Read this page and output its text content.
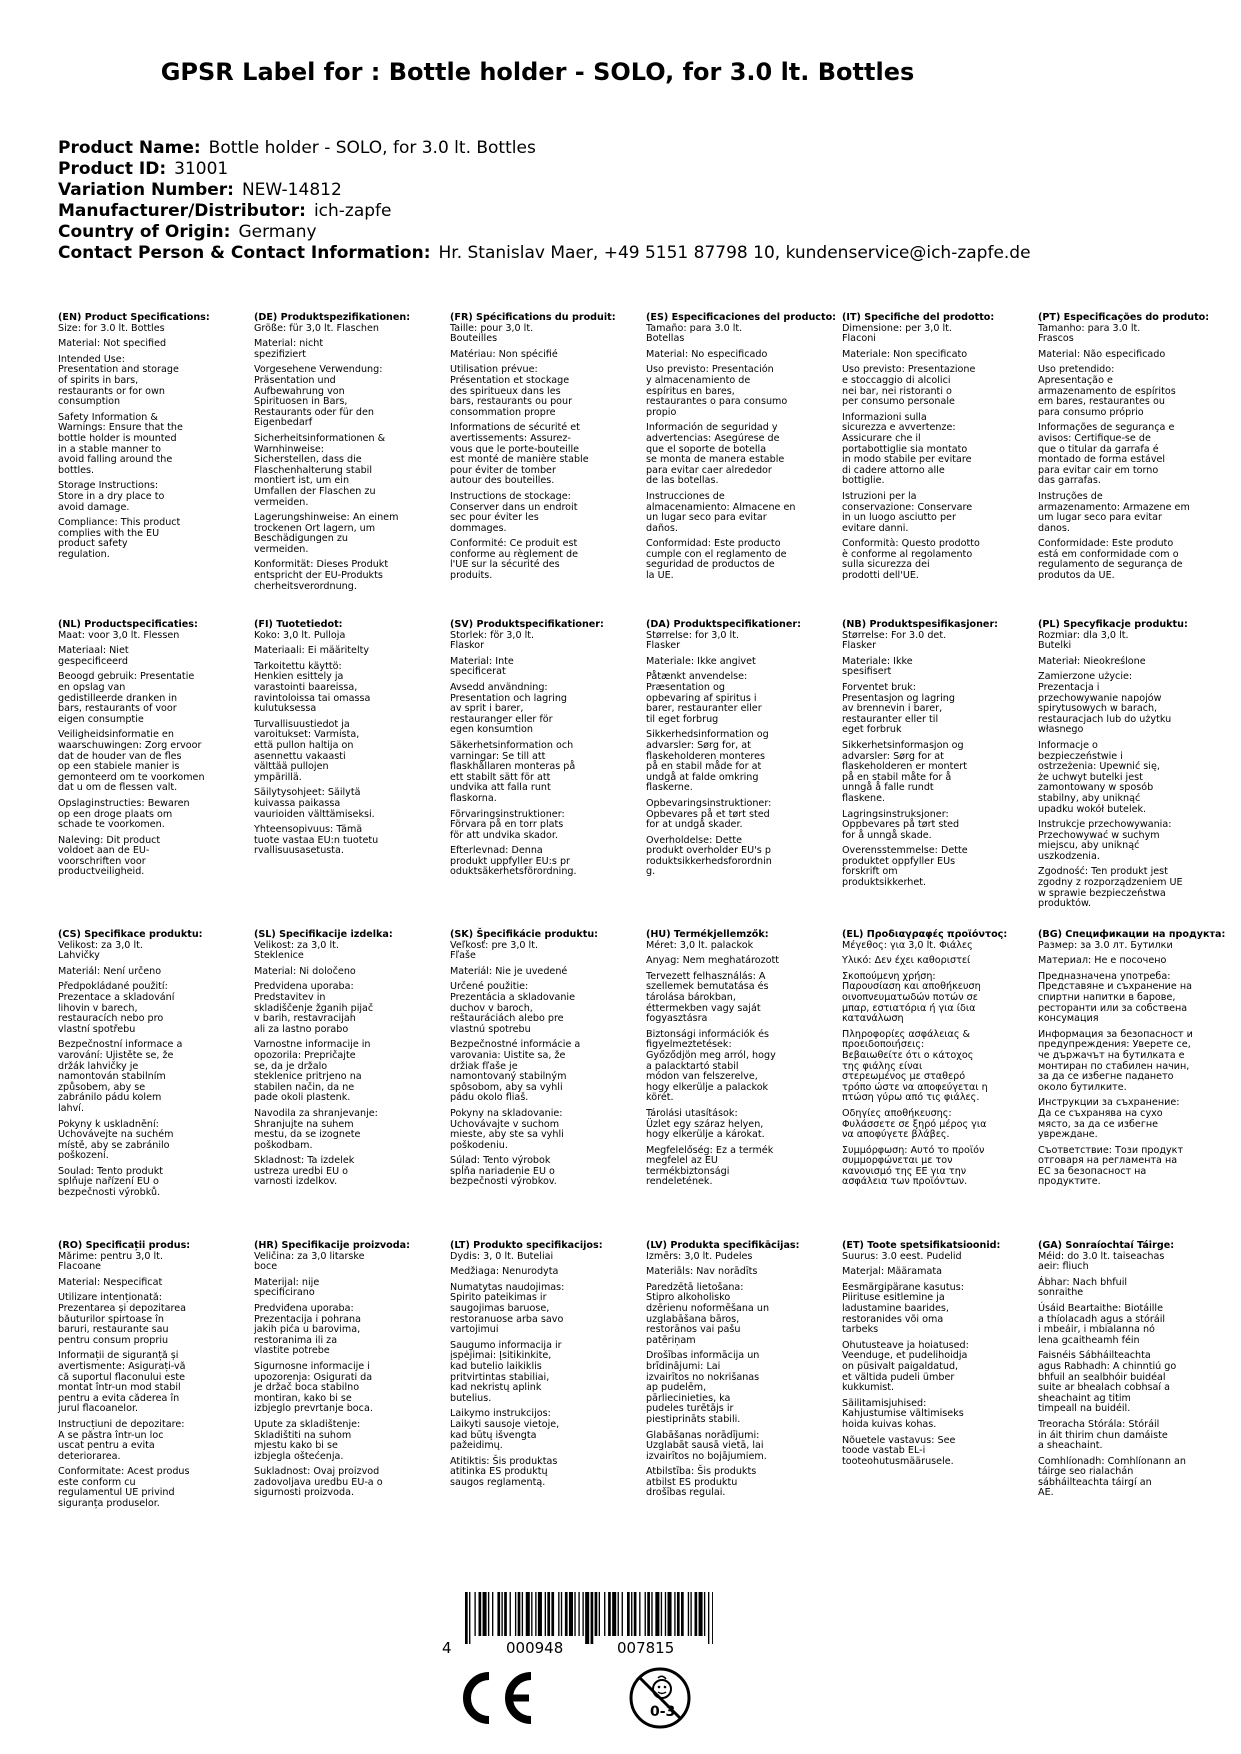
GPSR Label for : Bottle holder - SOLO, for 3.0 lt. Bottles
Product Name: Bottle holder - SOLO, for 3.0 lt. Bottles
Product ID: 31001
Variation Number: NEW-14812
Manufacturer/Distributor: ich-zapfe
Country of Origin: Germany
Contact Person & Contact Information: Hr. Stanislav Maer, +49 5151 87798 10, kundenservice@ich-zapfe.de
(EN) Product Specifications:
Size: for 3.0 lt. Bottles
Material: Not specified
Intended Use:
Presentation and storage
of spirits in bars,
restaurants or for own
consumption
Safety Information &
Warnings: Ensure that the
bottle holder is mounted
in a stable manner to
avoid falling around the
bottles.
Storage Instructions:
Store in a dry place to
avoid damage.
Compliance: This product
complies with the EU
product safety
regulation.
(DE) Produktspezifikationen:
Größe: für 3,0 lt. Flaschen
Material: nicht
spezifiziert
Vorgesehene Verwendung:
Präsentation und
Aufbewahrung von
Spirituosen in Bars,
Restaurants oder für den
Eigenbedarf
Sicherheitsinformationen &
Warnhinweise:
Sicherstellen, dass die
Flaschenhalterung stabil
montiert ist, um ein
Umfallen der Flaschen zu
vermeiden.
Lagerungshinweise: An einem
trockenen Ort lagern, um
Beschädigungen zu
vermeiden.
Konformität: Dieses Produkt
entspricht der EU-Produkts
cherheitsverordnung.
(FR) Spécifications du produit:
Taille: pour 3,0 lt.
Bouteilles
Matériau: Non spécifié
Utilisation prévue:
Présentation et stockage
des spiritueux dans les
bars, restaurants ou pour
consommation propre
Informations de sécurité et
avertissements: Assurez-
vous que le porte-bouteille
est monté de manière stable
pour éviter de tomber
autour des bouteilles.
Instructions de stockage:
Conserver dans un endroit
sec pour éviter les
dommages.
Conformité: Ce produit est
conforme au règlement de
l'UE sur la sécurité des
produits.
(ES) Especificaciones del producto:
Tamaño: para 3.0 lt.
Botellas
Material: No especificado
Uso previsto: Presentación
y almacenamiento de
espíritus en bares,
restaurantes o para consumo
propio
Información de seguridad y
advertencias: Asegúrese de
que el soporte de botella
se monta de manera estable
para evitar caer alrededor
de las botellas.
Instrucciones de
almacenamiento: Almacene en
un lugar seco para evitar
daños.
Conformidad: Este producto
cumple con el reglamento de
seguridad de productos de
la UE.
(IT) Specifiche del prodotto:
Dimensione: per 3,0 lt.
Flaconi
Materiale: Non specificato
Uso previsto: Presentazione
e stoccaggio di alcolici
nei bar, nei ristoranti o
per consumo personale
Informazioni sulla
sicurezza e avvertenze:
Assicurare che il
portabottiglie sia montato
in modo stabile per evitare
di cadere attorno alle
bottiglie.
Istruzioni per la
conservazione: Conservare
in un luogo asciutto per
evitare danni.
Conformità: Questo prodotto
è conforme al regolamento
sulla sicurezza dei
prodotti dell'UE.
(PT) Especificações do produto:
Tamanho: para 3.0 lt.
Frascos
Material: Não especificado
Uso pretendido:
Apresentação e
armazenamento de espíritos
em bares, restaurantes ou
para consumo próprio
Informações de segurança e
avisos: Certifique-se de
que o titular da garrafa é
montado de forma estável
para evitar cair em torno
das garrafas.
Instruções de
armazenamento: Armazene em
um lugar seco para evitar
danos.
Conformidade: Este produto
está em conformidade com o
regulamento de segurança de
produtos da UE.
(NL) Productspecificaties:
Maat: voor 3,0 lt. Flessen
Materiaal: Niet
gespecificeerd
Beoogd gebruik: Presentatie
en opslag van
gedistilleerde dranken in
bars, restaurants of voor
eigen consumptie
Veiligheidsinformatie en
waarschuwingen: Zorg ervoor
dat de houder van de fles
op een stabiele manier is
gemonteerd om te voorkomen
dat u om de flessen valt.
Opslaginstructies: Bewaren
op een droge plaats om
schade te voorkomen.
Naleving: Dit product
voldoet aan de EU-
voorschriften voor
productveiligheid.
(FI) Tuotetiedot:
Koko: 3,0 lt. Pulloja
Materiaali: Ei määritelty
Tarkoitettu käyttö:
Henkien esittely ja
varastointi baareissa,
ravintoloissa tai omassa
kulutuksessa
Turvallisuustiedot ja
varoitukset: Varmista,
että pullon haltija on
asennettu vakaasti
välttää pullojen
ympärillä.
Säilytysohjeet: Säilytä
kuivassa paikassa
vaurioiden välttämiseksi.
Yhteensopivuus: Tämä
tuote vastaa EU:n tuotetu
rvallisuusasetusta.
(SV) Produktspecifikationer:
Storlek: för 3,0 lt.
Flaskor
Material: Inte
specificerat
Avsedd användning:
Presentation och lagring
av sprit i barer,
restauranger eller för
egen konsumtion
Säkerhetsinformation och
varningar: Se till att
flaskhållaren monteras på
ett stabilt sätt för att
undvika att falla runt
flaskorna.
Förvaringsinstruktioner:
Förvara på en torr plats
för att undvika skador.
Efterlevnad: Denna
produkt uppfyller EU:s pr
oduktsäkerhetsförordning.
(DA) Produktspecifikationer:
Størrelse: for 3,0 lt.
Flasker
Materiale: Ikke angivet
Påtænkt anvendelse:
Præsentation og
opbevaring af spiritus i
barer, restauranter eller
til eget forbrug
Sikkerhedsinformation og
advarsler: Sørg for, at
flaskeholderen monteres
på en stabil måde for at
undgå at falde omkring
flaskerne.
Opbevaringsinstruktioner:
Opbevares på et tørt sted
for at undgå skader.
Overholdelse: Dette
produkt overholder EU's p
roduktsikkerhedsforordnin
g.
(NB) Produktspesifikasjoner:
Størrelse: For 3.0 det.
Flasker
Materiale: Ikke
spesifisert
Forventet bruk:
Presentasjon og lagring
av brennevin i barer,
restauranter eller til
eget forbruk
Sikkerhetsinformasjon og
advarsler: Sørg for at
flaskeholderen er montert
på en stabil måte for å
unngå å falle rundt
flaskene.
Lagringsinstruksjoner:
Oppbevares på tørt sted
for å unngå skade.
Overensstemmelse: Dette
produktet oppfyller EUs
forskrift om
produktsikkerhet.
(PL) Specyfikacje produktu:
Rozmiar: dla 3,0 lt.
Butelki
Materiał: Nieokreślone
Zamierzone użycie:
Prezentacja i
przechowywanie napojów
spirytusowych w barach,
restauracjach lub do użytku
własnego
Informacje o
bezpieczeństwie i
ostrzeżenia: Upewnić się,
że uchwyt butelki jest
zamontowany w sposób
stabilny, aby uniknąć
upadku wokół butelek.
Instrukcje przechowywania:
Przechowywać w suchym
miejscu, aby uniknąć
uszkodzenia.
Zgodność: Ten produkt jest
zgodny z rozporządzeniem UE
w sprawie bezpieczeństwa
produktów.
(CS) Specifikace produktu:
Velikost: za 3,0 lt.
Lahvičky
Materiál: Není určeno
Předpokládané použití:
Prezentace a skladování
lihovin v barech,
restauracích nebo pro
vlastní spotřebu
Bezpečnostní informace a
varování: Ujistěte se, že
držák lahvičky je
namontován stabilním
způsobem, aby se
zabránilo pádu kolem
lahví.
Pokyny k uskladnění:
Uchovávejte na suchém
místě, aby se zabránilo
poškození.
Soulad: Tento produkt
splňuje nařízení EU o
bezpečnosti výrobků.
(SL) Specifikacije izdelka:
Velikost: za 3,0 lt.
Steklenice
Material: Ni določeno
Predvidena uporaba:
Predstavitev in
skladiščenje žganih pijač
v barih, restavracijah
ali za lastno porabo
Varnostne informacije in
opozorila: Prepričajte
se, da je držalo
steklenice pritrjeno na
stabilen način, da ne
pade okoli plastenk.
Navodila za shranjevanje:
Shranjujte na suhem
mestu, da se izognete
poškodbam.
Skladnost: Ta izdelek
ustreza uredbi EU o
varnosti izdelkov.
(SK) Špecifikácie produktu:
Veľkosť: pre 3,0 lt.
Fľaše
Materiál: Nie je uvedené
Určené použitie:
Prezentácia a skladovanie
duchov v baroch,
reštauráciách alebo pre
vlastnú spotrebu
Bezpečnostné informácie a
varovania: Uistite sa, že
držiak fľaše je
namontovaný stabilným
spôsobom, aby sa vyhli
pádu okolo fliaš.
Pokyny na skladovanie:
Uchovávajte v suchom
mieste, aby ste sa vyhli
poškodeniu.
Súlad: Tento výrobok
spĺňa nariadenie EU o
bezpečnosti výrobkov.
(HU) Termékjellemzők:
Méret: 3,0 lt. palackok
Anyag: Nem meghatározott
Tervezett felhasználás: A
szellemek bemutatása és
tárolása bárokban,
éttermekben vagy saját
fogyasztásra
Biztonsági információk és
figyelmeztetések:
Győződjön meg arról, hogy
a palacktartó stabil
módon van felszerelve,
hogy elkerülje a palackok
körét.
Tárolási utasítások:
Üzlet egy száraz helyen,
hogy elkerülje a károkat.
Megfelelőség: Ez a termék
megfelel az EU
termékbiztonsági
rendeletének.
(EL) Προδιαγραφές προϊόντος:
Μέγεθος: για 3,0 lt. Φιάλες
Υλικό: Δεν έχει καθοριστεί
Σκοπούμενη χρήση:
Παρουσίαση και αποθήκευση
οινοπνευματωδών ποτών σε
μπαρ, εστιατόρια ή για ίδια
κατανάλωση
Πληροφορίες ασφάλειας &
προειδοποιήσεις:
Βεβαιωθείτε ότι ο κάτοχος
της φιάλης είναι
στερεωμένος με σταθερό
τρόπο ώστε να αποφεύγεται η
πτώση γύρω από τις φιάλες.
Οδηγίες αποθήκευσης:
Φυλάσσετε σε ξηρό μέρος για
να αποφύγετε βλάβες.
Συμμόρφωση: Αυτό το προϊόν
συμμορφώνεται με τον
κανονισμό της ΕΕ για την
ασφάλεια των προϊόντων.
(BG) Спецификации на продукта:
Размер: за 3.0 лт. Бутилки
Материал: Не е посочено
Предназначена употреба:
Представяне и съхранение на
спиртни напитки в барове,
ресторанти или за собствена
консумация
Информация за безопасност и
предупреждения: Уверете се,
че държачът на бутилката е
монтиран по стабилен начин,
за да се избегне падането
около бутилките.
Инструкции за съхранение:
Да се съхранява на сухо
място, за да се избегне
увреждане.
Съответствие: Този продукт
отговаря на регламента на
ЕС за безопасност на
продуктите.
(RO) Specificații produs:
Mărime: pentru 3,0 lt.
Flacoane
Material: Nespecificat
Utilizare intenționată:
Prezentarea și depozitarea
băuturilor spirtoase în
baruri, restaurante sau
pentru consum propriu
Informații de siguranță și
avertismente: Asigurați-vă
că suportul flaconului este
montat într-un mod stabil
pentru a evita căderea în
jurul flacoanelor.
Instrucțiuni de depozitare:
A se păstra într-un loc
uscat pentru a evita
deteriorarea.
Conformitate: Acest produs
este conform cu
regulamentul UE privind
siguranța produselor.
(HR) Specifikacije proizvoda:
Veličina: za 3,0 litarske
boce
Materijal: nije
specificirano
Predviđena uporaba:
Prezentacija i pohrana
jakih pića u barovima,
restoranima ili za
vlastite potrebe
Sigurnosne informacije i
upozorenja: Osigurati da
je držač boca stabilno
montiran, kako bi se
izbjeglo prevrtanje boca.
Upute za skladištenje:
Skladištiti na suhom
mjestu kako bi se
izbjegla oštećenja.
Sukladnost: Ovaj proizvod
zadovoljava uredbu EU-a o
sigurnosti proizvoda.
(LT) Produkto specifikacijos:
Dydis: 3, 0 lt. Buteliai
Medžiaga: Nenurodyta
Numatytas naudojimas:
Spirito pateikimas ir
saugojimas baruose,
restoranuose arba savo
vartojimui
Saugumo informacija ir
įspėjimai: Įsitikinkite,
kad butelio laikiklis
pritvirtintas stabiliai,
kad nekristų aplink
butelius.
Laikymo instrukcijos:
Laikyti sausoje vietoje,
kad būtų išvengta
pažeidimų.
Atitiktis: Šis produktas
atitinka ES produktų
saugos reglamentą.
(LV) Produkta specifikācijas:
Izmērs: 3,0 lt. Pudeles
Materiāls: Nav norādīts
Paredzētā lietošana:
Stipro alkoholisko
dzērienu noformēšana un
uzglabāšana bāros,
restorānos vai pašu
patēriņam
Drošības informācija un
brīdinājumi: Lai
izvairītos no nokrišanas
ap pudelēm,
pārliecinieties, ka
pudeles turētājs ir
piestiprināts stabili.
Glabāšanas norādījumi:
Uzglabāt sausā vietā, lai
izvairītos no bojājumiem.
Atbilstība: Šis produkts
atbilst ES produktu
drošības regulai.
(ET) Toote spetsifikatsioonid:
Suurus: 3.0 eest. Pudelid
Materjal: Määramata
Eesmärgipärane kasutus:
Piirituse esitlemine ja
ladustamine baarides,
restoranides või oma
tarbeks
Ohutusteave ja hoiatused:
Veenduge, et pudelihoidja
on püsivalt paigaldatud,
et vältida pudeli ümber
kukkumist.
Säilitamisjuhised:
Kahjustumise vältimiseks
hoida kuivas kohas.
Nõuetele vastavus: See
toode vastab EL-i
tooteohutusmäärusele.
(GA) Sonraíochtaí Táirge:
Méid: do 3.0 lt. taiseachas
aeir: fliuch
Ábhar: Nach bhfuil
sonraithe
Úsáid Beartaithe: Biotáille
a thíolacadh agus a stóráil
i mbeáir, i mbialanna nó
lena gcaitheamh féin
Faisnéis Sábháilteachta
agus Rabhadh: A chinntiú go
bhfuil an sealbhóir buidéal
suite ar bhealach cobhsaí a
sheachaint ag titim
timpeall na buidéil.
Treoracha Stórála: Stóráil
in áit thirim chun damáiste
a sheachaint.
Comhlíonadh: Comhlíonann an
táirge seo rialachán
sábháilteachta táirgí an
AE.
4	000948	007815
0-3
